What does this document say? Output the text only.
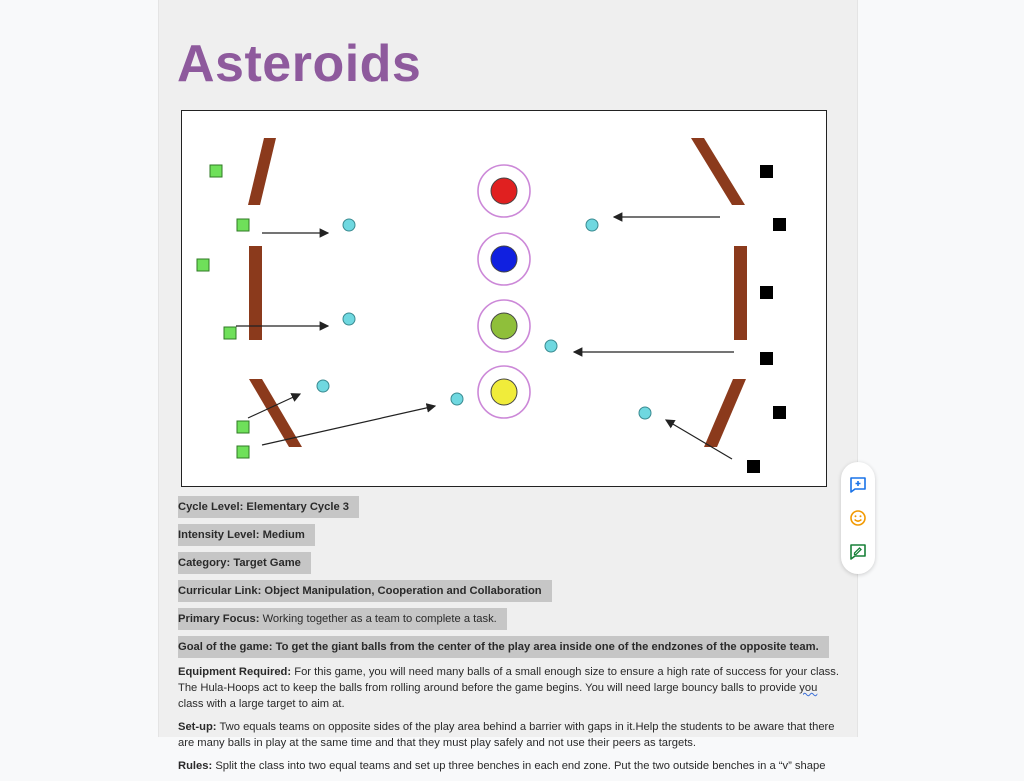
Asteroids
Cycle Level: Elementary Cycle 3
Intensity Level: Medium
Category: Target Game
Curricular Link: Object Manipulation, Cooperation and Collaboration
Primary Focus: Working together as a team to complete a task.
Goal of the game: To get the giant balls from the center of the play area inside one of the endzones of the opposite team.

Equipment Required: For this game, you will need many balls of a small enough size to ensure a high rate of success for your class. The Hula-Hoops act to keep the balls from rolling around before the game begins. You will need large bouncy balls to provide you class with a large target to aim at.

Set-up: Two equals teams on opposite sides of the play area behind a barrier with gaps in it.Help the students to be aware that there are many balls in play at the same time and that they must play safely and not use their peers as targets.

Rules: Split the class into two equal teams and set up three benches in each end zone. Put the two outside benches in a “v” shape
